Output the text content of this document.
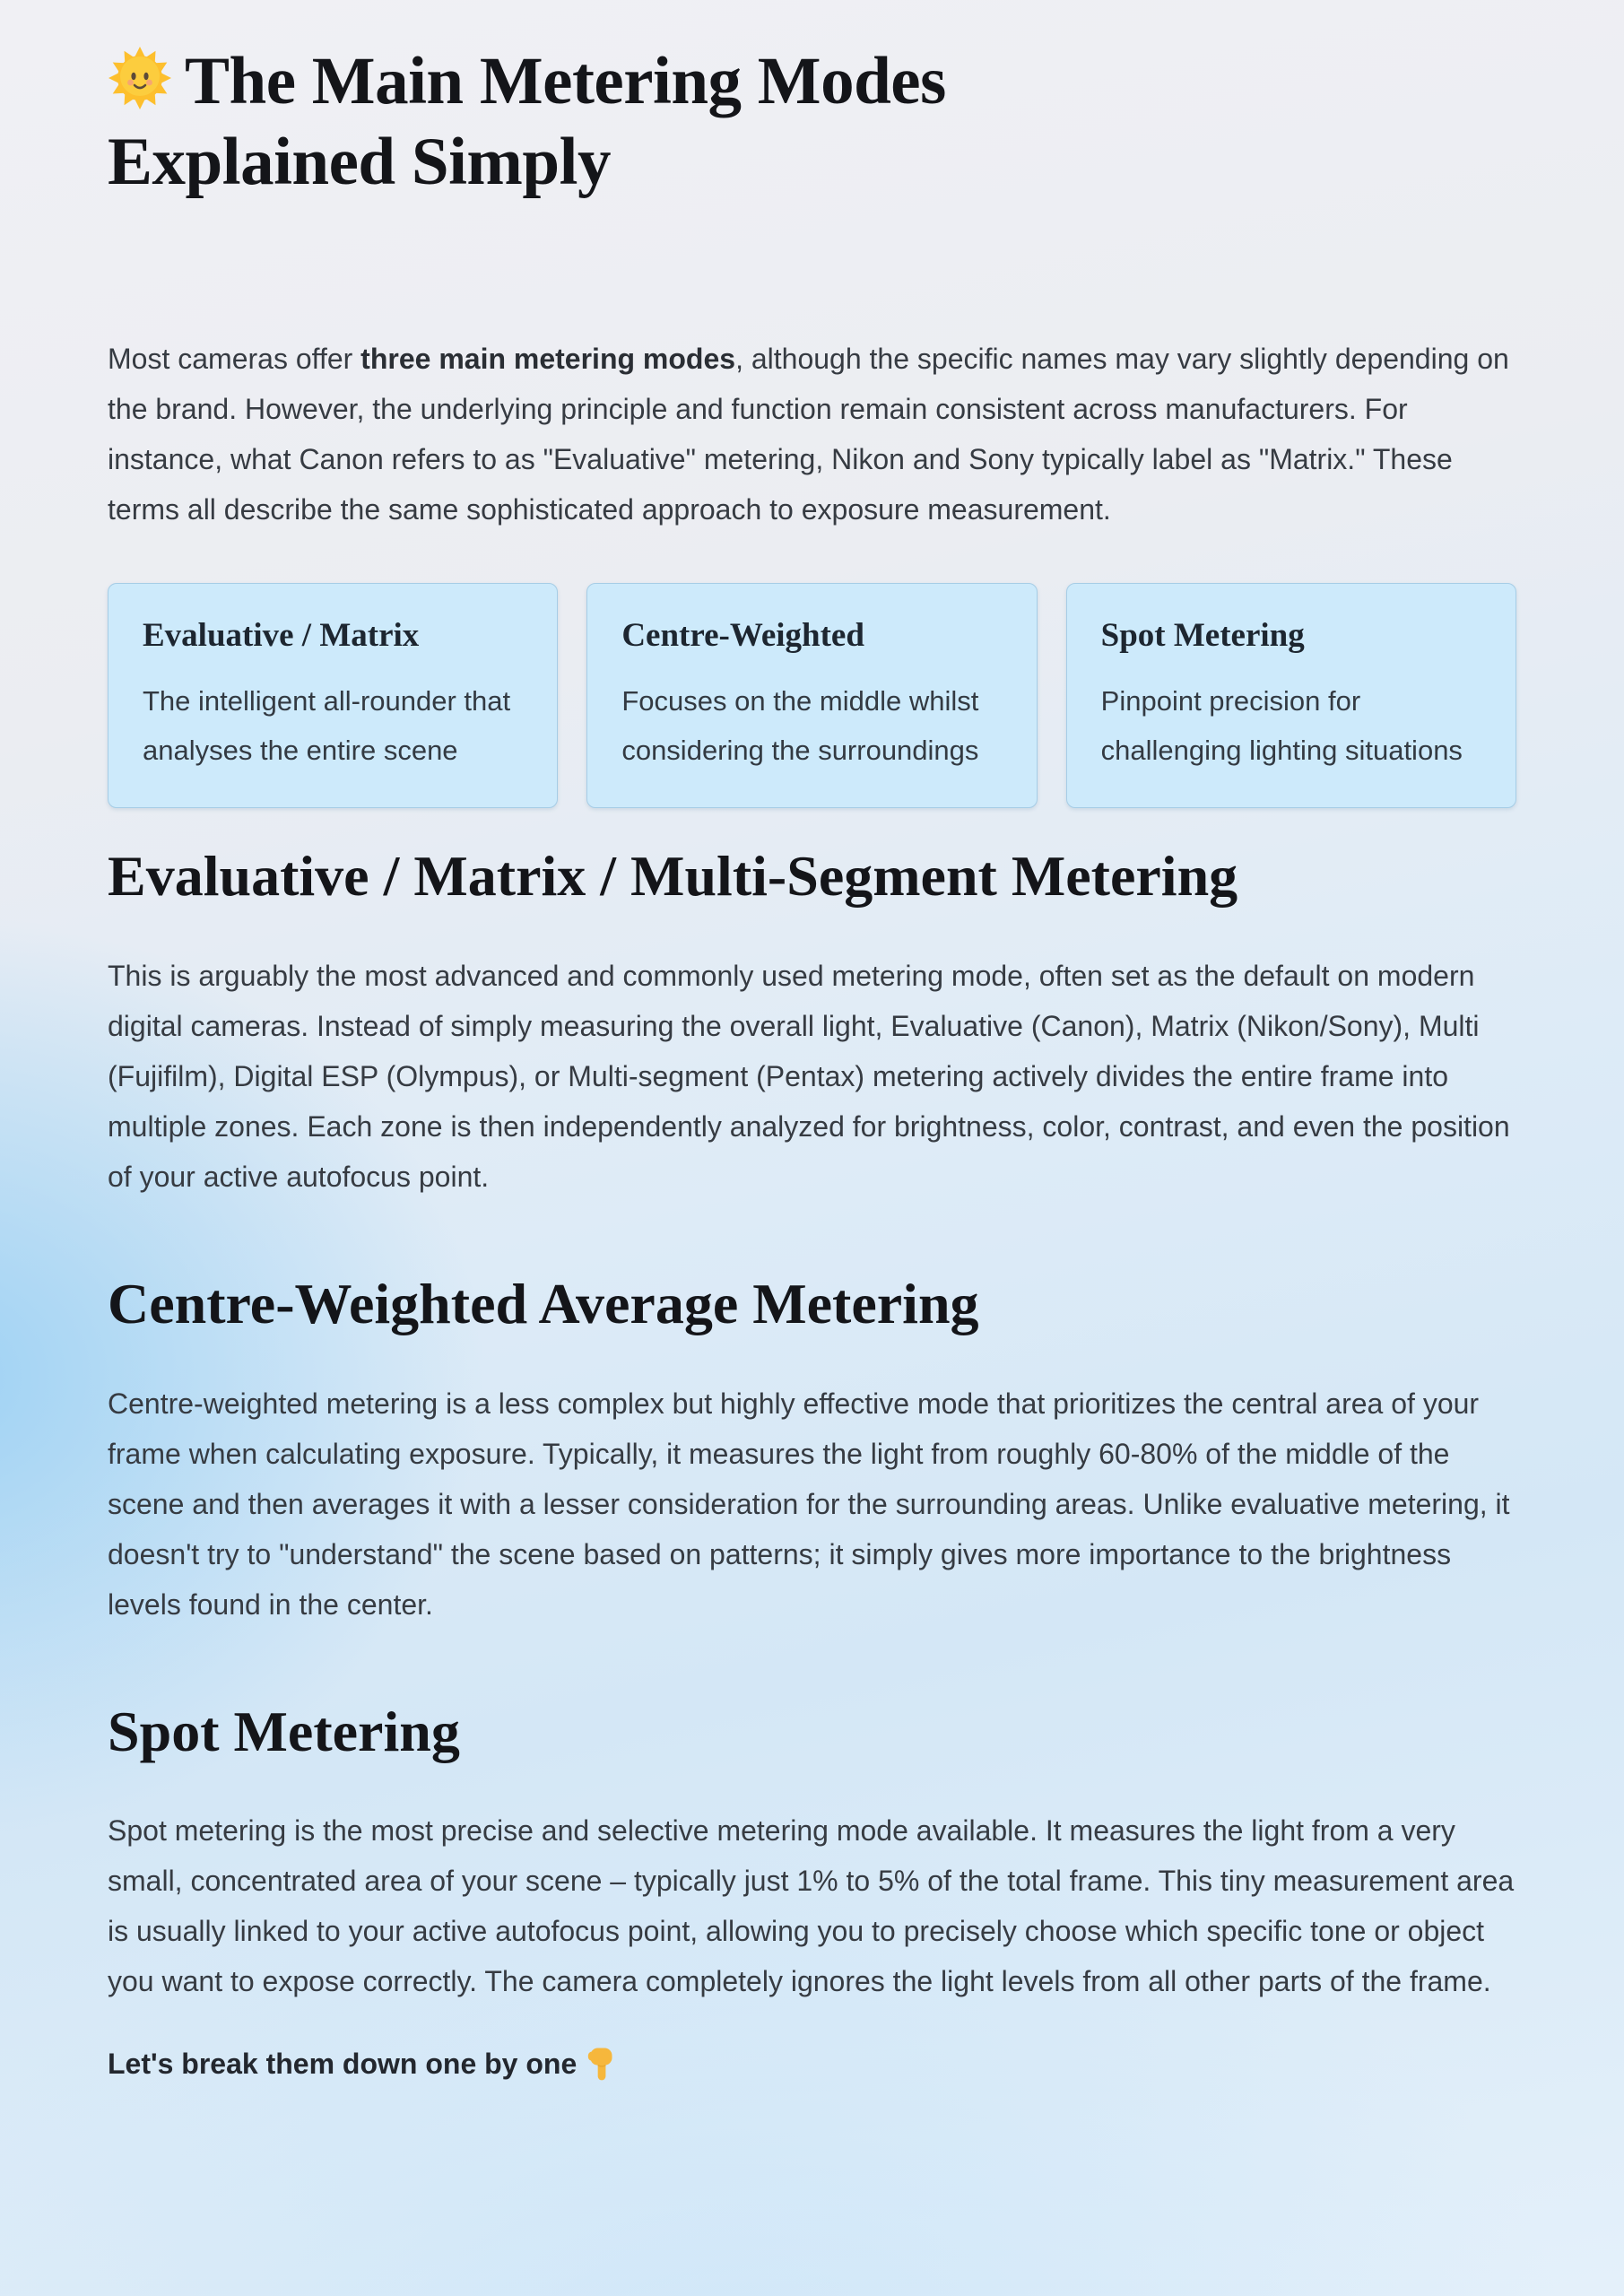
The Main Metering Modes
Explained Simply

Most cameras offer three main metering modes, although the specific names may vary slightly depending on the brand. However, the underlying principle and function remain consistent across manufacturers. For instance, what Canon refers to as "Evaluative" metering, Nikon and Sony typically label as "Matrix." These terms all describe the same sophisticated approach to exposure measurement.

Evaluative / Matrix

The intelligent all-rounder that analyses the entire scene

Centre-Weighted

Focuses on the middle whilst considering the surroundings

Spot Metering

Pinpoint precision for challenging lighting situations

Evaluative / Matrix / Multi-Segment Metering

This is arguably the most advanced and commonly used metering mode, often set as the default on modern digital cameras. Instead of simply measuring the overall light, Evaluative (Canon), Matrix (Nikon/Sony), Multi (Fujifilm), Digital ESP (Olympus), or Multi-segment (Pentax) metering actively divides the entire frame into multiple zones. Each zone is then independently analyzed for brightness, color, contrast, and even the position of your active autofocus point.

Centre-Weighted Average Metering

Centre-weighted metering is a less complex but highly effective mode that prioritizes the central area of your frame when calculating exposure. Typically, it measures the light from roughly 60-80% of the middle of the scene and then averages it with a lesser consideration for the surrounding areas. Unlike evaluative metering, it doesn't try to "understand" the scene based on patterns; it simply gives more importance to the brightness levels found in the center.

Spot Metering

Spot metering is the most precise and selective metering mode available. It measures the light from a very small, concentrated area of your scene – typically just 1% to 5% of the total frame. This tiny measurement area is usually linked to your active autofocus point, allowing you to precisely choose which specific tone or object you want to expose correctly. The camera completely ignores the light levels from all other parts of the frame.

Let's break them down one by one
